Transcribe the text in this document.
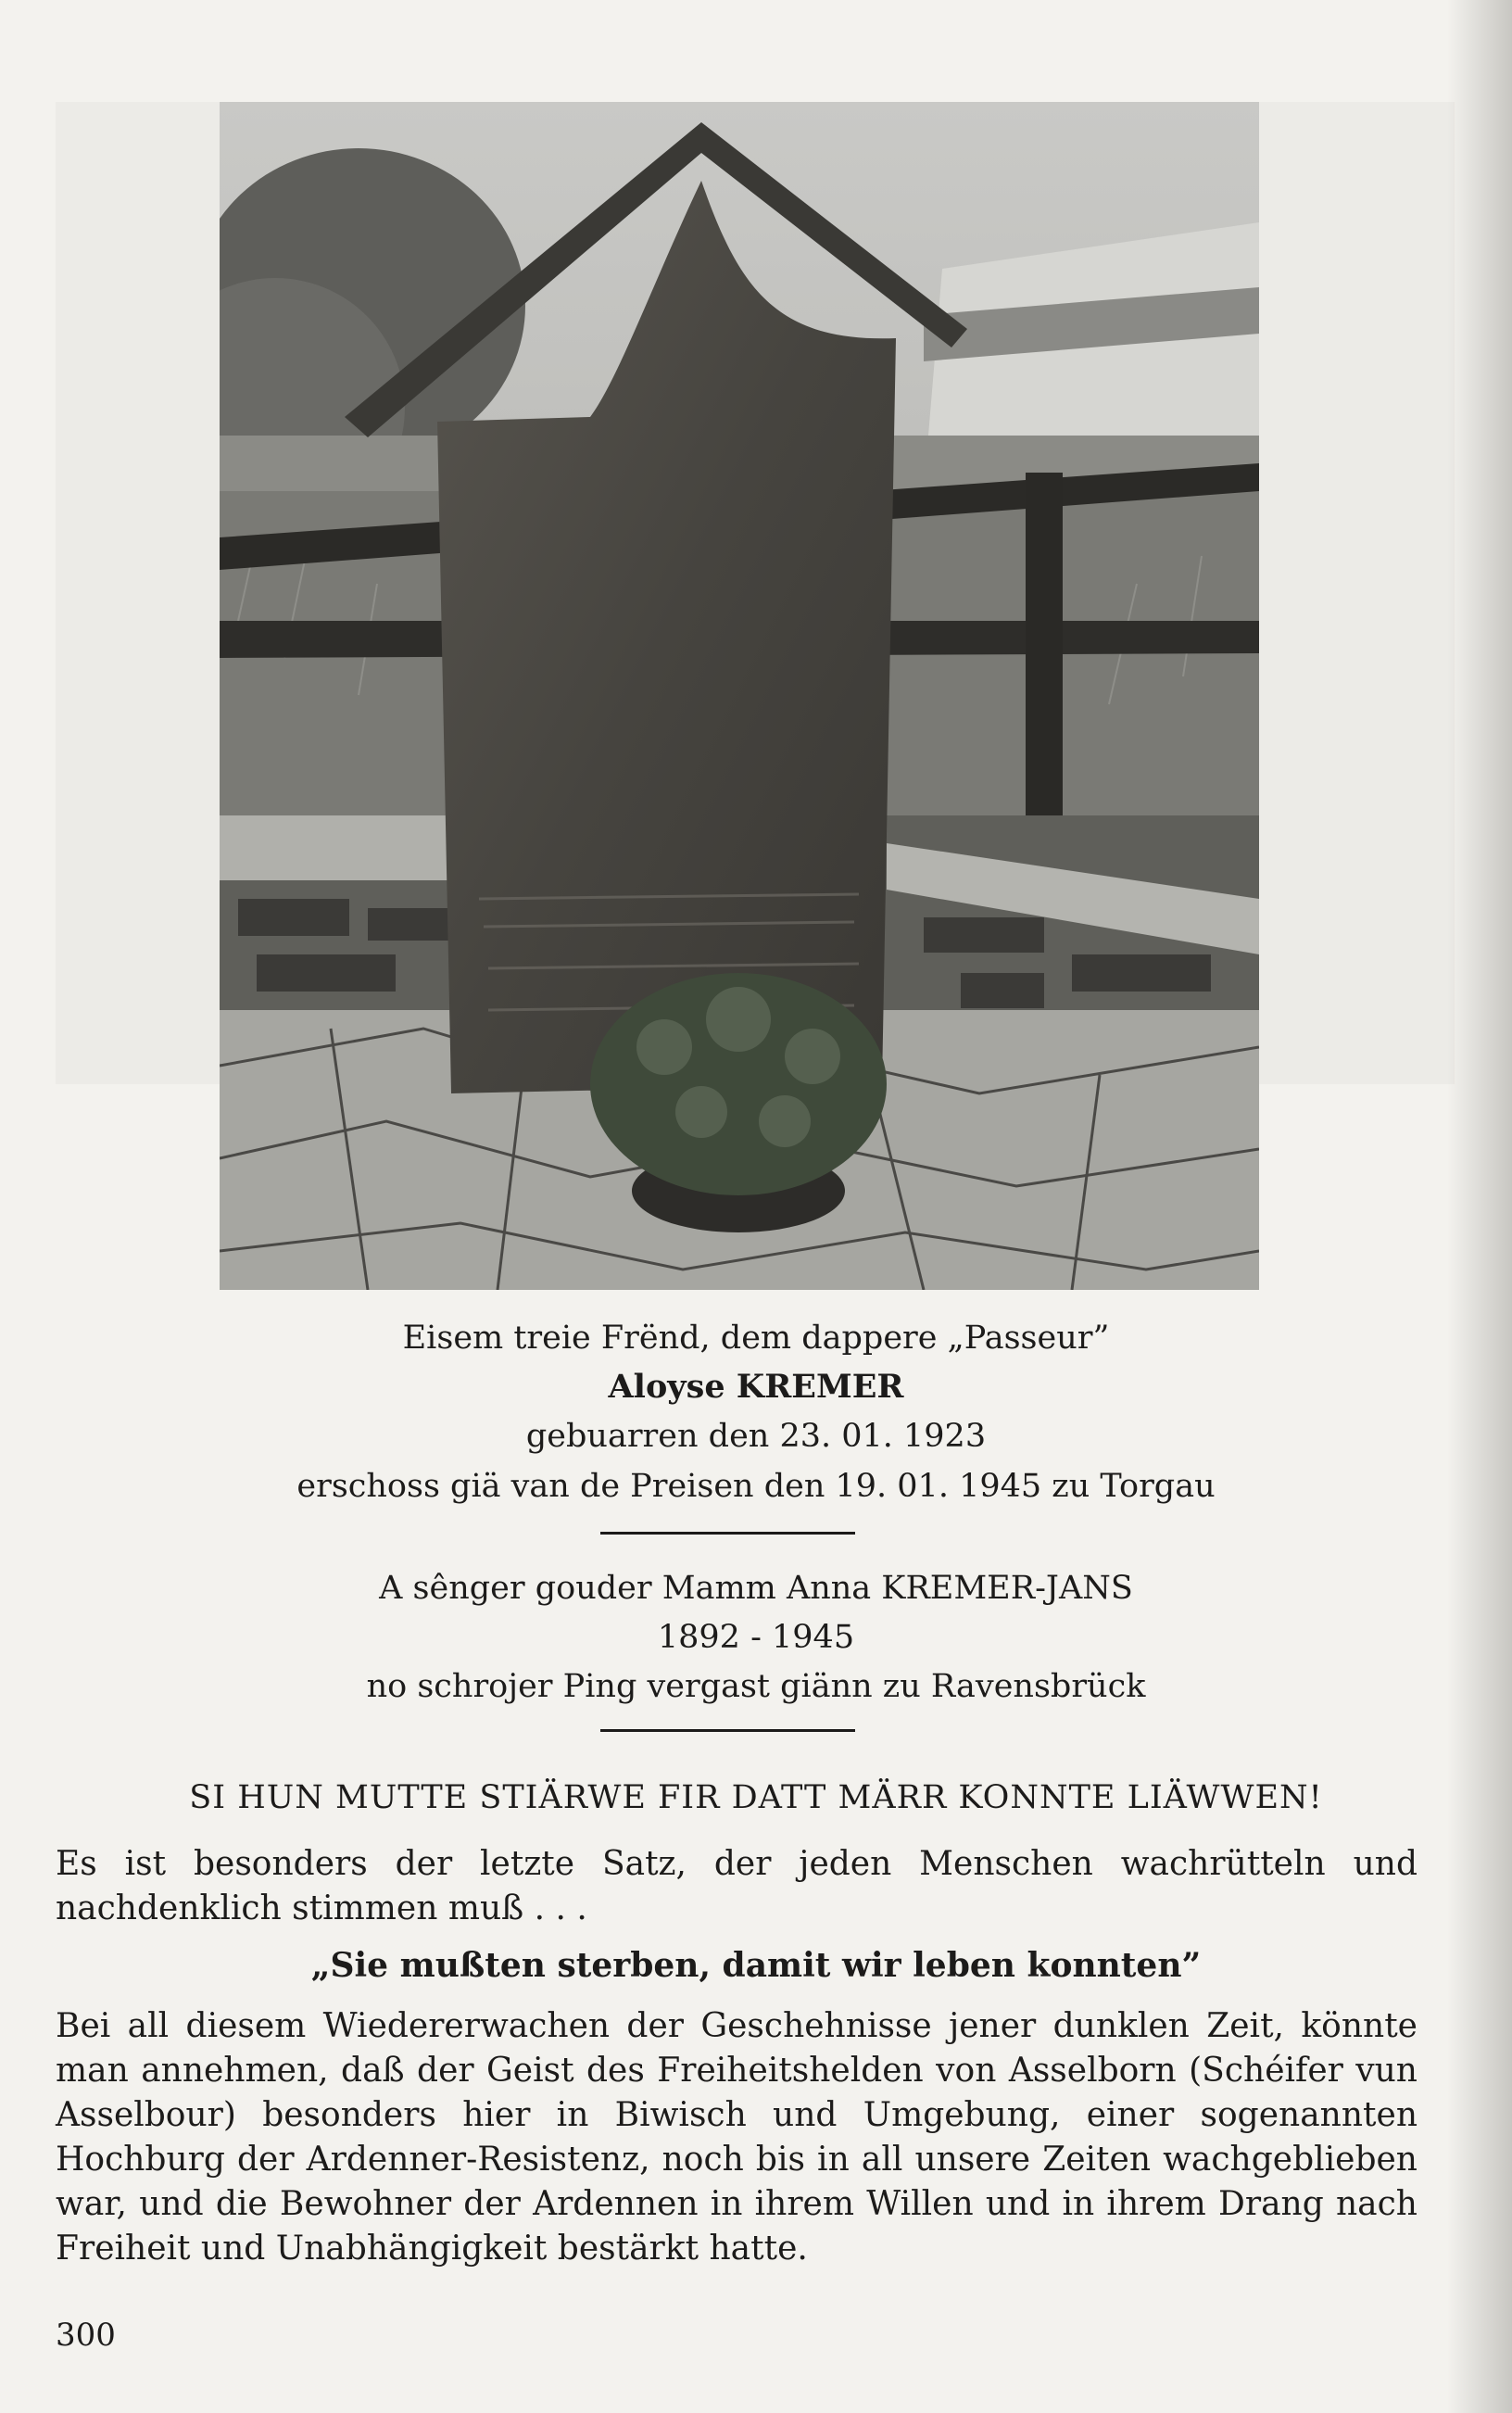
Eisem treie Frënd, dem dappere „Passeur”
Aloyse KREMER
gebuarren den 23. 01. 1923
erschoss giä van de Preisen den 19. 01. 1945 zu Torgau
A sênger gouder Mamm Anna KREMER-JANS
1892 - 1945
no schrojer Ping vergast giänn zu Ravensbrück
SI HUN MUTTE STIÄRWE FIR DATT MÄRR KONNTE LIÄWWEN!
Es ist besonders der letzte Satz, der jeden Menschen wachrütteln und nachdenklich stimmen muß . . .
„Sie mußten sterben, damit wir leben konnten”
Bei all diesem Wiedererwachen der Geschehnisse jener dunklen Zeit, könnte man annehmen, daß der Geist des Freiheitshelden von Asselborn (Schéifer vun Asselbour) besonders hier in Biwisch und Umgebung, einer sogenannten Hochburg der Ardenner-Resistenz, noch bis in all unsere Zeiten wachgeblieben war, und die Bewohner der Ardennen in ihrem Willen und in ihrem Drang nach Freiheit und Unabhängigkeit bestärkt hatte.
300
